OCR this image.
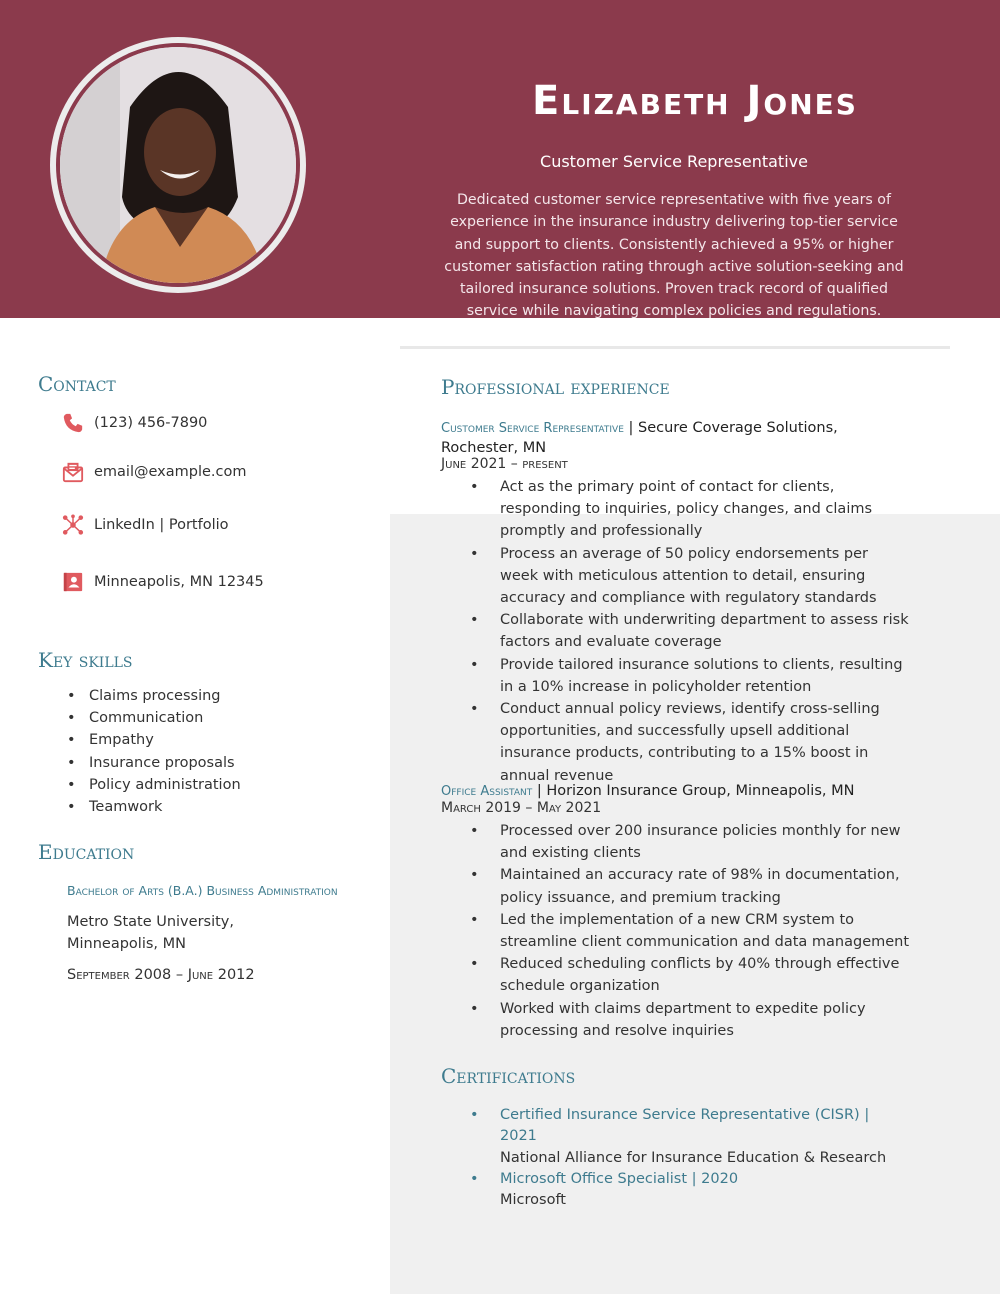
Elizabeth Jones
Customer Service Representative
Dedicated customer service representative with five years of experience in the insurance industry delivering top-tier service and support to clients. Consistently achieved a 95% or higher customer satisfaction rating through active solution-seeking and tailored insurance solutions. Proven track record of qualified service while navigating complex policies and regulations.
Contact
(123) 456-7890
email@example.com
LinkedIn | Portfolio
Minneapolis, MN 12345
Key skills
• Claims processing
• Communication
• Empathy
• Insurance proposals
• Policy administration
• Teamwork
Education
Bachelor of Arts (B.A.) Business Administration
Metro State University,
Minneapolis, MN
September 2008 – June 2012
Professional experience
Customer Service Representative | Secure Coverage Solutions, Rochester, MN
June 2021 – present
• Act as the primary point of contact for clients, responding to inquiries, policy changes, and claims promptly and professionally
• Process an average of 50 policy endorsements per week with meticulous attention to detail, ensuring accuracy and compliance with regulatory standards
• Collaborate with underwriting department to assess risk factors and evaluate coverage
• Provide tailored insurance solutions to clients, resulting in a 10% increase in policyholder retention
• Conduct annual policy reviews, identify cross-selling opportunities, and successfully upsell additional insurance products, contributing to a 15% boost in annual revenue
Office Assistant | Horizon Insurance Group, Minneapolis, MN
March 2019 – May 2021
• Processed over 200 insurance policies monthly for new and existing clients
• Maintained an accuracy rate of 98% in documentation, policy issuance, and premium tracking
• Led the implementation of a new CRM system to streamline client communication and data management
• Reduced scheduling conflicts by 40% through effective schedule organization
• Worked with claims department to expedite policy processing and resolve inquiries
Certifications
• Certified Insurance Service Representative (CISR) | 2021
National Alliance for Insurance Education & Research
• Microsoft Office Specialist | 2020
Microsoft
